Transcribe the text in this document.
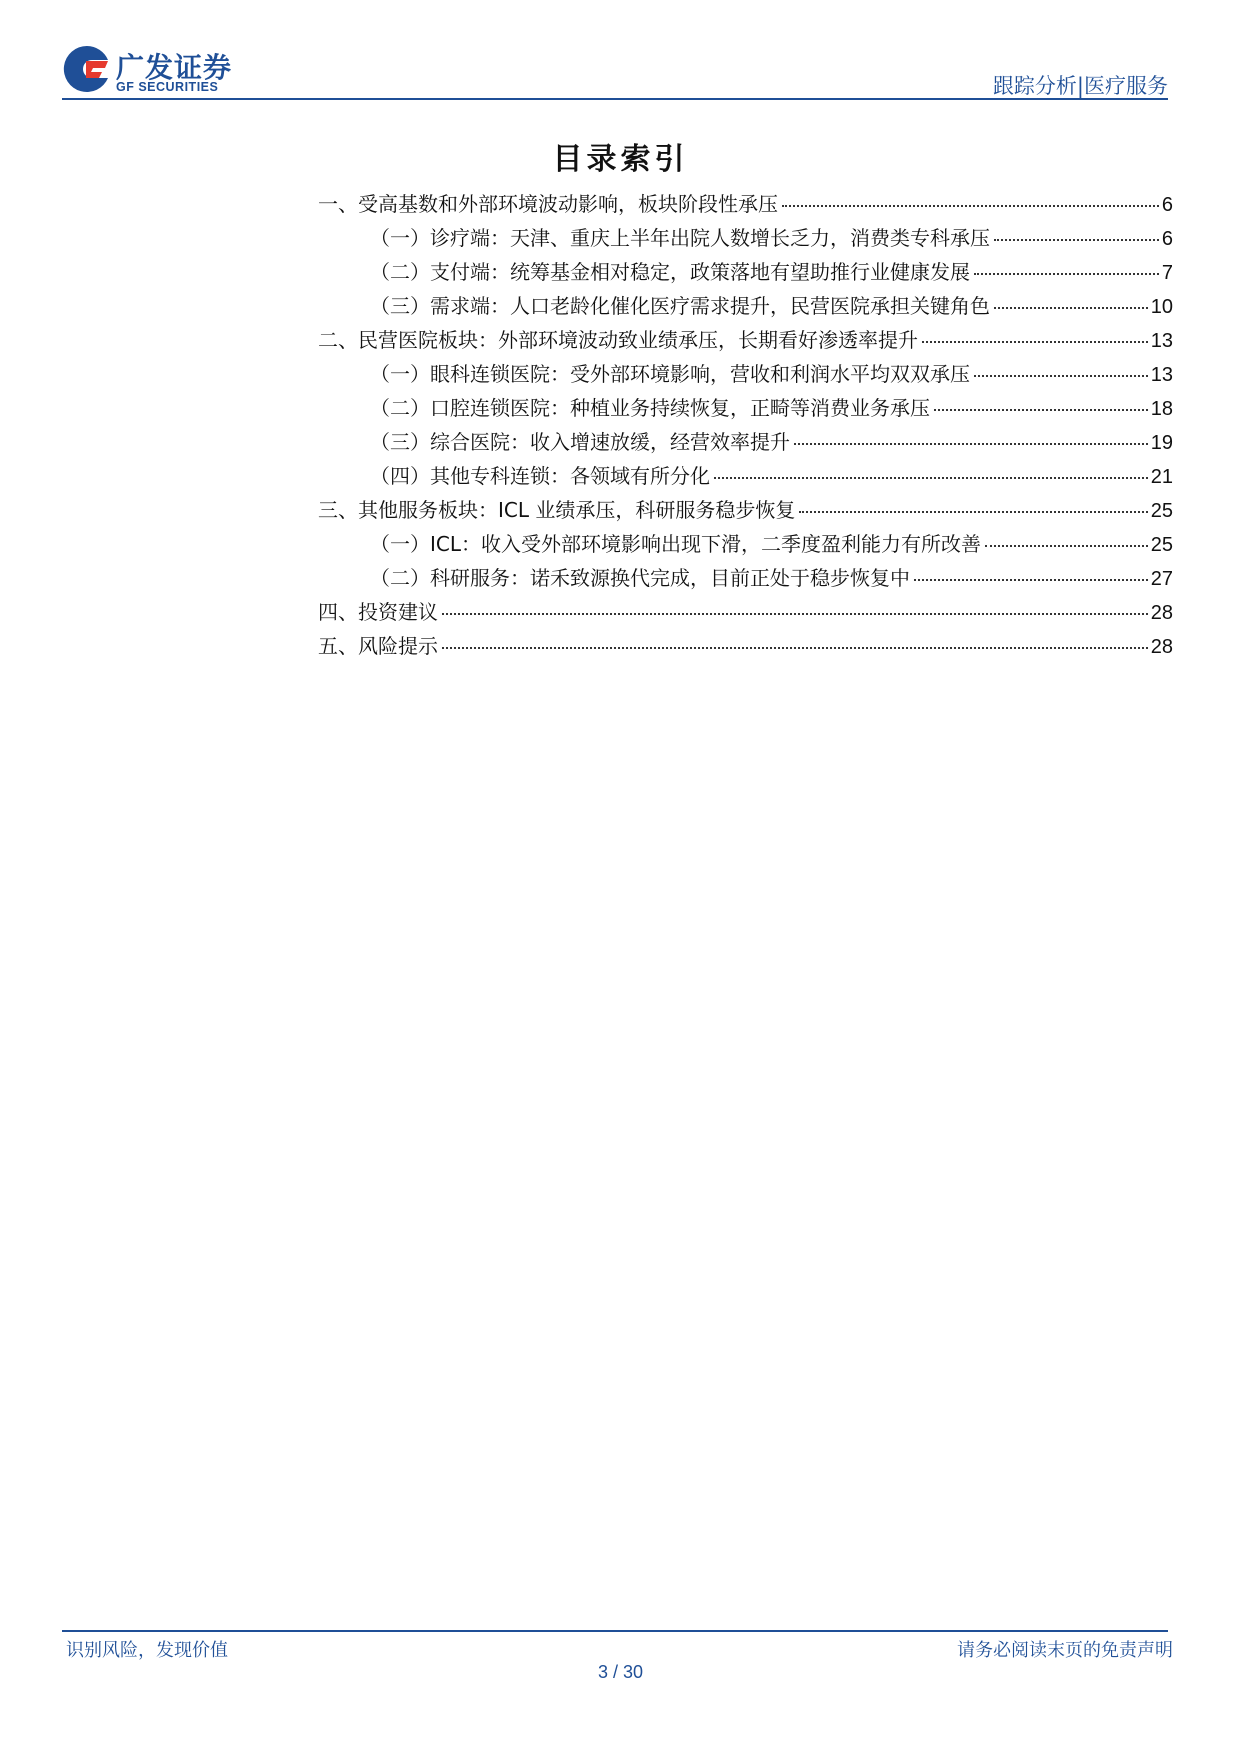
广发证券
GF SECURITIES	跟踪分析|医疗服务
目录索引
一、受高基数和外部环境波动影响，板块阶段性承压	6
（一）诊疗端：天津、重庆上半年出院人数增长乏力，消费类专科承压	6
（二）支付端：统筹基金相对稳定，政策落地有望助推行业健康发展	7
（三）需求端：人口老龄化催化医疗需求提升，民营医院承担关键角色	10
二、民营医院板块：外部环境波动致业绩承压，长期看好渗透率提升	13
（一）眼科连锁医院：受外部环境影响，营收和利润水平均双双承压	13
（二）口腔连锁医院：种植业务持续恢复，正畸等消费业务承压	18
（三）综合医院：收入增速放缓，经营效率提升	19
（四）其他专科连锁：各领域有所分化	21
三、其他服务板块：ICL 业绩承压，科研服务稳步恢复	25
（一）ICL：收入受外部环境影响出现下滑，二季度盈利能力有所改善	25
（二）科研服务：诺禾致源换代完成，目前正处于稳步恢复中	27
四、投资建议	28
五、风险提示	28
识别风险，发现价值	请务必阅读末页的免责声明
3 / 30
